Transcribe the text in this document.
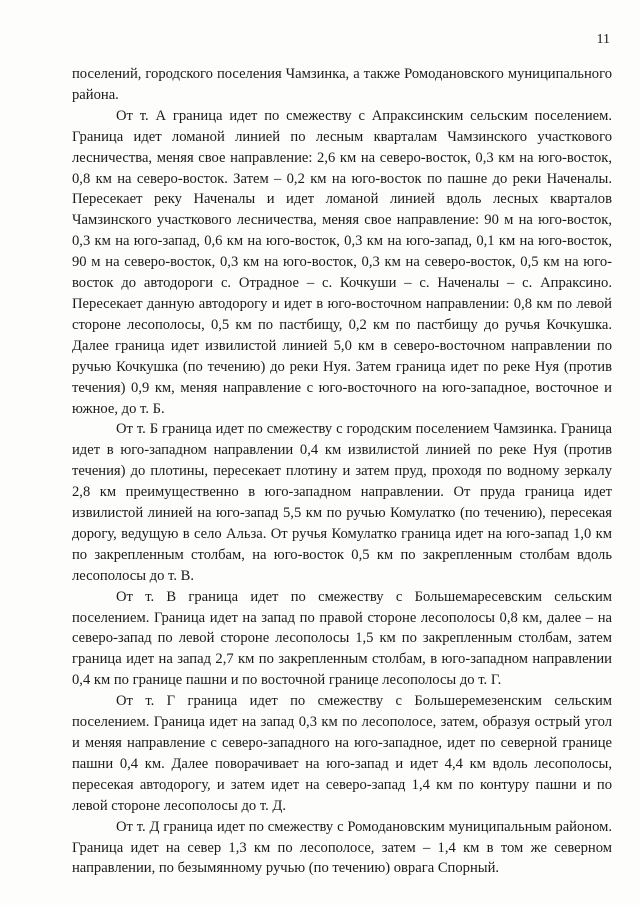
11

поселений, городского поселения Чамзинка, а также Ромодановского муниципального района.

От т. А граница идет по смежеству с Апраксинским сельским поселением. Граница идет ломаной линией по лесным кварталам Чамзинского участкового лесничества, меняя свое направление: 2,6 км на северо-восток, 0,3 км на юго-восток, 0,8 км на северо-восток. Затем – 0,2 км на юго-восток по пашне до реки Наченалы. Пересекает реку Наченалы и идет ломаной линией вдоль лесных кварталов Чамзинского участкового лесничества, меняя свое направление: 90 м на юго-восток, 0,3 км на юго-запад, 0,6 км на юго-восток, 0,3 км на юго-запад, 0,1 км на юго-восток, 90 м на северо-восток, 0,3 км на юго-восток, 0,3 км на северо-восток, 0,5 км на юго-восток до автодороги с. Отрадное – с. Кочкуши – с. Наченалы – с. Апраксино. Пересекает данную автодорогу и идет в юго-восточном направлении: 0,8 км по левой стороне лесополосы, 0,5 км по пастбищу, 0,2 км по пастбищу до ручья Кочкушка. Далее граница идет извилистой линией 5,0 км в северо-восточном направлении по ручью Кочкушка (по течению) до реки Нуя. Затем граница идет по реке Нуя (против течения) 0,9 км, меняя направление с юго-восточного на юго-западное, восточное и южное, до т. Б.

От т. Б граница идет по смежеству с городским поселением Чамзинка. Граница идет в юго-западном направлении 0,4 км извилистой линией по реке Нуя (против течения) до плотины, пересекает плотину и затем пруд, проходя по водному зеркалу 2,8 км преимущественно в юго-западном направлении. От пруда граница идет извилистой линией на юго-запад 5,5 км по ручью Комулатко (по течению), пересекая дорогу, ведущую в село Альза. От ручья Комулатко граница идет на юго-запад 1,0 км по закрепленным столбам, на юго-восток 0,5 км по закрепленным столбам вдоль лесополосы до т. В.

От т. В граница идет по смежеству с Большемаресевским сельским поселением. Граница идет на запад по правой стороне лесополосы 0,8 км, далее – на северо-запад по левой стороне лесополосы 1,5 км по закрепленным столбам, затем граница идет на запад 2,7 км по закрепленным столбам, в юго-западном направлении 0,4 км по границе пашни и по восточной границе лесополосы до т. Г.

От т. Г граница идет по смежеству с Большеремезенским сельским поселением. Граница идет на запад 0,3 км по лесополосе, затем, образуя острый угол и меняя направление с северо-западного на юго-западное, идет по северной границе пашни 0,4 км. Далее поворачивает на юго-запад и идет 4,4 км вдоль лесополосы, пересекая автодорогу, и затем идет на северо-запад 1,4 км по контуру пашни и по левой стороне лесополосы до т. Д.

От т. Д граница идет по смежеству с Ромодановским муниципальным районом. Граница идет на север 1,3 км по лесополосе, затем – 1,4 км в том же северном направлении, по безымянному ручью (по течению) оврага Спорный.
